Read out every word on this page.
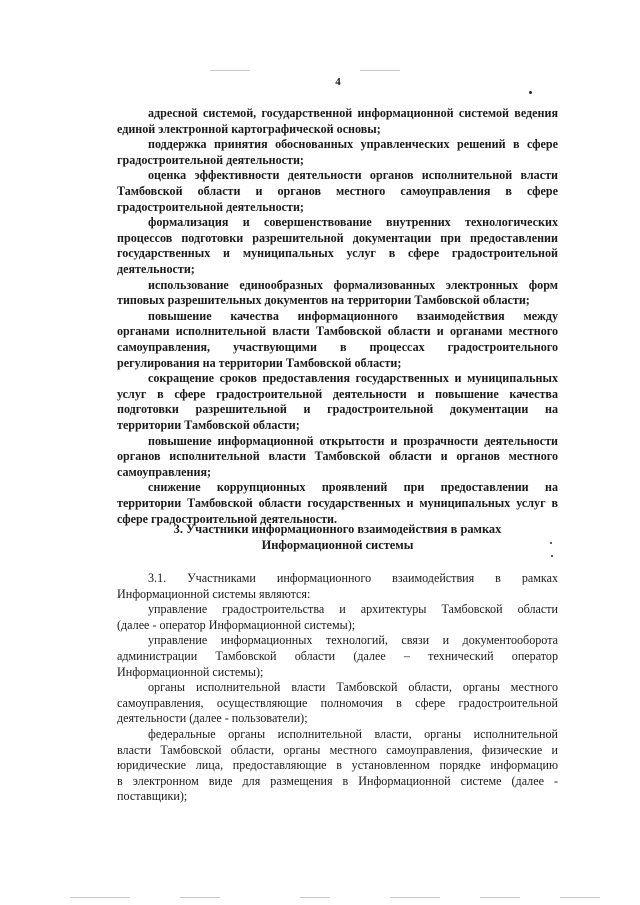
4
адресной системой, государственной информационной системой ведения
единой электронной картографической основы;
поддержка принятия обоснованных управленческих решений в сфере
градостроительной деятельности;
оценка эффективности деятельности органов исполнительной власти
Тамбовской области и органов местного самоуправления в сфере
градостроительной деятельности;
формализация и совершенствование внутренних технологических
процессов подготовки разрешительной документации при предоставлении
государственных и муниципальных услуг в сфере градостроительной
деятельности;
использование единообразных формализованных электронных форм
типовых разрешительных документов на территории Тамбовской области;
повышение качества информационного взаимодействия между
органами исполнительной власти Тамбовской области и органами местного
самоуправления, участвующими в процессах градостроительного
регулирования на территории Тамбовской области;
сокращение сроков предоставления государственных и муниципальных
услуг в сфере градостроительной деятельности и повышение качества
подготовки разрешительной и градостроительной документации на
территории Тамбовской области;
повышение информационной открытости и прозрачности деятельности
органов исполнительной власти Тамбовской области и органов местного
самоуправления;
снижение коррупционных проявлений при предоставлении на
территории Тамбовской области государственных и муниципальных услуг в
сфере градостроительной деятельности.
3. Участники информационного взаимодействия в рамках
Информационной системы
3.1. Участниками информационного взаимодействия в рамках
Информационной системы являются:
управление градостроительства и архитектуры Тамбовской области
(далее - оператор Информационной системы);
управление информационных технологий, связи и документооборота
администрации Тамбовской области (далее – технический оператор
Информационной системы);
органы исполнительной власти Тамбовской области, органы местного
самоуправления, осуществляющие полномочия в сфере градостроительной
деятельности (далее - пользователи);
федеральные органы исполнительной власти, органы исполнительной
власти Тамбовской области, органы местного самоуправления, физические и
юридические лица, предоставляющие в установленном порядке информацию
в электронном виде для размещения в Информационной системе (далее -
поставщики);
